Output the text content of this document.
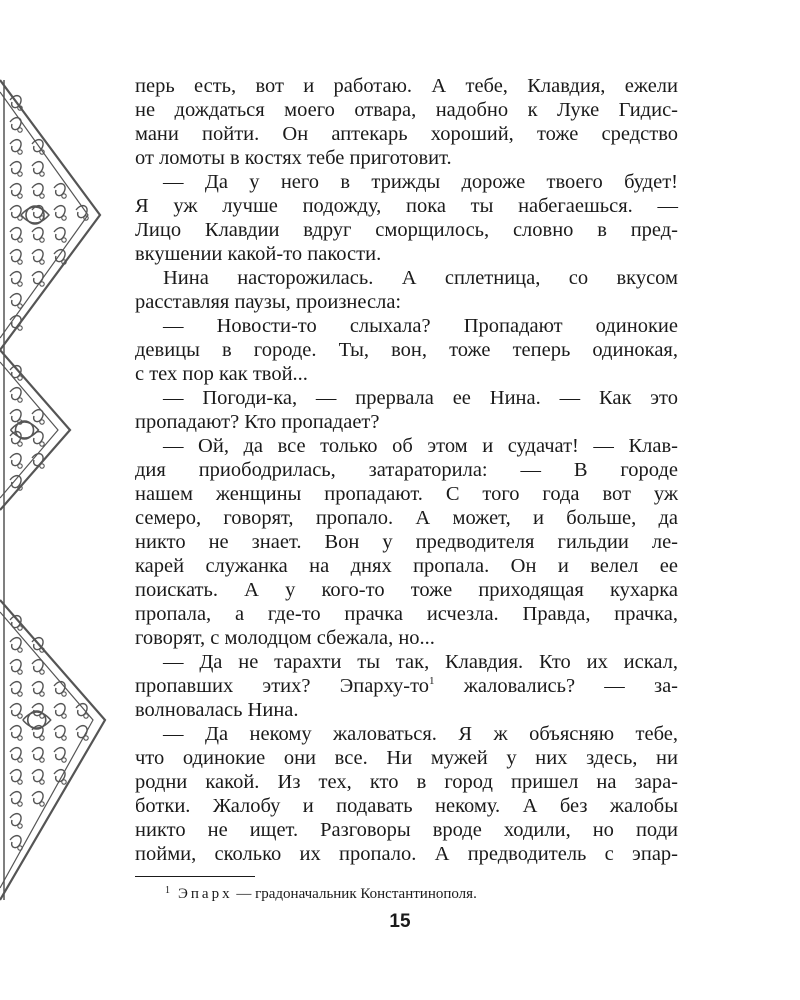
перь есть, вот и работаю. А тебе, Клавдия, ежели
не дождаться моего отвара, надобно к Луке Гидис-
мани пойти. Он аптекарь хороший, тоже средство
от ломоты в костях тебе приготовит.
— Да у него в трижды дороже твоего будет!
Я уж лучше подожду, пока ты набегаешься. —
Лицо Клавдии вдруг сморщилось, словно в пред-
вкушении какой-то пакости.
Нина насторожилась. А сплетница, со вкусом
расставляя паузы, произнесла:
— Новости-то слыхала? Пропадают одинокие
девицы в городе. Ты, вон, тоже теперь одинокая,
с тех пор как твой...
— Погоди-ка, — прервала ее Нина. — Как это
пропадают? Кто пропадает?
— Ой, да все только об этом и судачат! — Клав-
дия приободрилась, затараторила: — В городе
нашем женщины пропадают. С того года вот уж
семеро, говорят, пропало. А может, и больше, да
никто не знает. Вон у предводителя гильдии ле-
карей служанка на днях пропала. Он и велел ее
поискать. А у кого-то тоже приходящая кухарка
пропала, а где-то прачка исчезла. Правда, прачка,
говорят, с молодцом сбежала, но...
— Да не тарахти ты так, Клавдия. Кто их искал,
пропавших этих? Эпарху-$то^1$ жаловались? — за-
волновалась Нина.
— Да некому жаловаться. Я ж объясняю тебе,
что одинокие они все. Ни мужей у них здесь, ни
родни какой. Из тех, кто в город пришел на зара-
ботки. Жалобу и подавать некому. А без жалобы
никто не ищет. Разговоры вроде ходили, но поди
пойми, сколько их пропало. А предводитель с эпар-
$^1$ Эпарх — градоначальник Константинополя.
15
